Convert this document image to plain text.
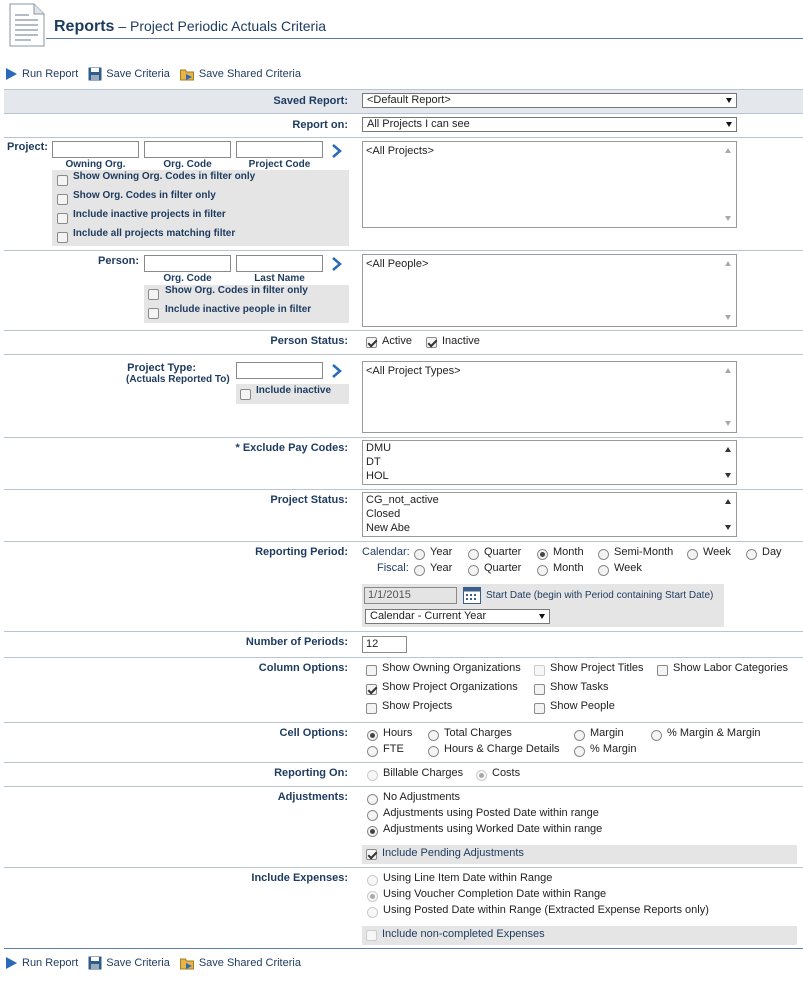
Reports – Project Periodic Actuals Criteria
Run Report	Save Criteria	Save Shared Criteria
Saved Report:	<Default Report>
Report on:	All Projects I can see
Project:
Owning Org.	Org. Code	Project Code
Show Owning Org. Codes in filter only
Show Org. Codes in filter only
Include inactive projects in filter
Include all projects matching filter
<All Projects>
Person:
Org. Code	Last Name
Show Org. Codes in filter only
Include inactive people in filter
<All People>
Person Status:	Active	Inactive
Project Type:
(Actuals Reported To)
Include inactive
<All Project Types>
* Exclude Pay Codes: DMU
DT
HOL
Project Status: CG_not_active
Closed
New Abe
Reporting Period: Calendar: Year	Quarter	Month	Semi-Month	Week	Day
Fiscal: Year	Quarter	Month	Week
1/1/2015	Start Date (begin with Period containing Start Date)
Calendar - Current Year
Number of Periods:	12
Column Options:	Show Owning Organizations	Show Project Titles	Show Labor Categories
Show Project Organizations	Show Tasks
Show Projects	Show People
Cell Options:	Hours	Total Charges	Margin	% Margin & Margin
FTE	Hours & Charge Details	% Margin
Reporting On:	Billable Charges	Costs
Adjustments:	No Adjustments
Adjustments using Posted Date within range
Adjustments using Worked Date within range
Include Pending Adjustments
Include Expenses:	Using Line Item Date within Range
Using Voucher Completion Date within Range
Using Posted Date within Range (Extracted Expense Reports only)
Include non-completed Expenses
Run Report	Save Criteria	Save Shared Criteria
